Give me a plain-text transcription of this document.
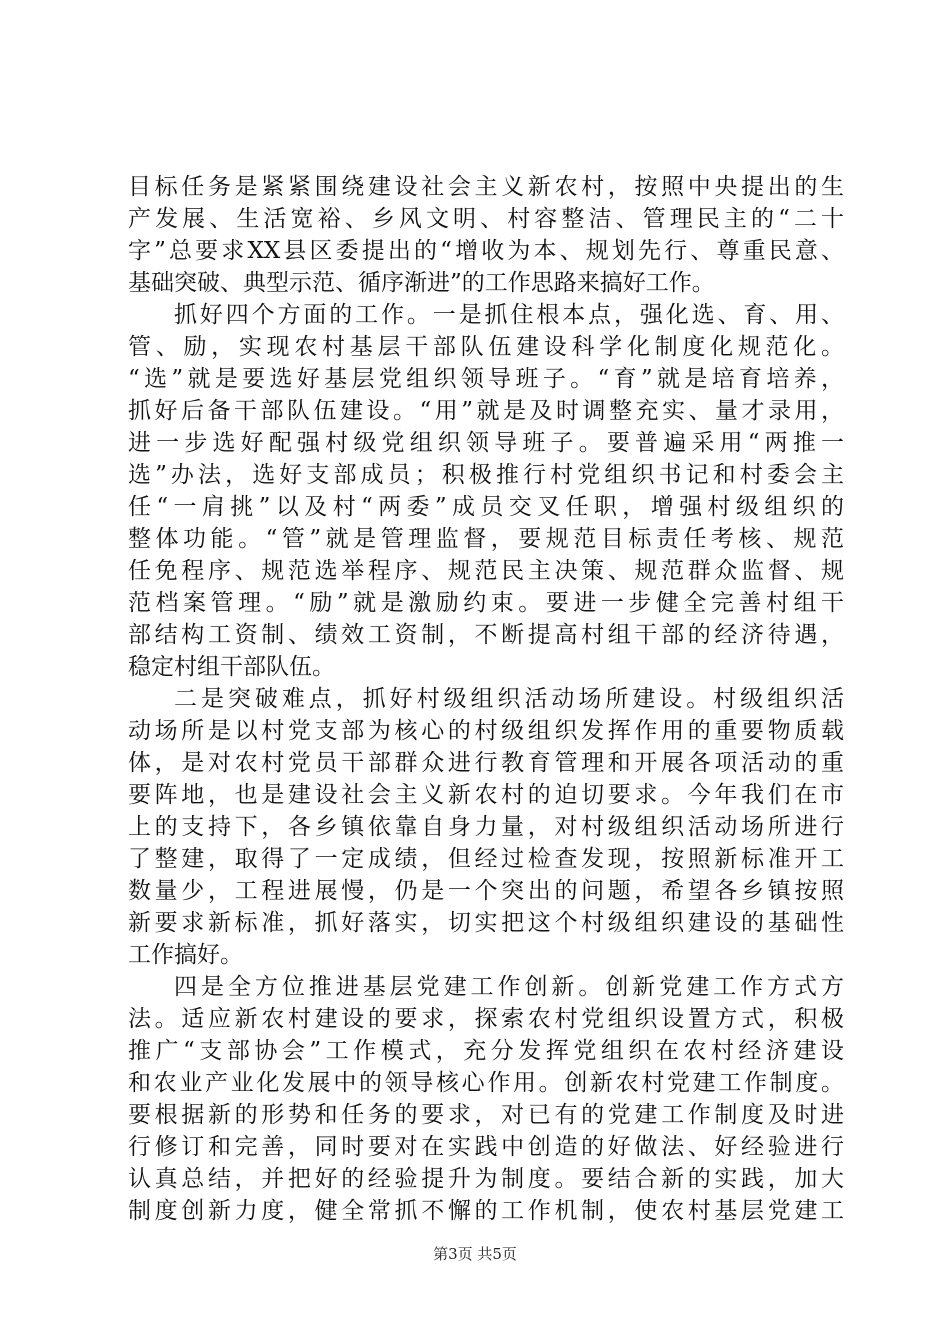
目标任务是紧紧围绕建设社会主义新农村，按照中央提出的生
产发展、生活宽裕、乡风文明、村容整洁、管理民主的“二十
字”总要求XX县区委提出的“增收为本、规划先行、尊重民意、
基础突破、典型示范、循序渐进”的工作思路来搞好工作。
抓好四个方面的工作。一是抓住根本点，强化选、育、用、
管、励，实现农村基层干部队伍建设科学化制度化规范化。
“选”就是要选好基层党组织领导班子。“育”就是培育培养，
抓好后备干部队伍建设。“用”就是及时调整充实、量才录用，
进一步选好配强村级党组织领导班子。要普遍采用“两推一
选”办法，选好支部成员；积极推行村党组织书记和村委会主
任“一肩挑”以及村“两委”成员交叉任职，增强村级组织的
整体功能。“管”就是管理监督，要规范目标责任考核、规范
任免程序、规范选举程序、规范民主决策、规范群众监督、规
范档案管理。“励”就是激励约束。要进一步健全完善村组干
部结构工资制、绩效工资制，不断提高村组干部的经济待遇，
稳定村组干部队伍。
二是突破难点，抓好村级组织活动场所建设。村级组织活
动场所是以村党支部为核心的村级组织发挥作用的重要物质载
体，是对农村党员干部群众进行教育管理和开展各项活动的重
要阵地，也是建设社会主义新农村的迫切要求。今年我们在市
上的支持下，各乡镇依靠自身力量，对村级组织活动场所进行
了整建，取得了一定成绩，但经过检查发现，按照新标准开工
数量少，工程进展慢，仍是一个突出的问题，希望各乡镇按照
新要求新标准，抓好落实，切实把这个村级组织建设的基础性
工作搞好。
四是全方位推进基层党建工作创新。创新党建工作方式方
法。适应新农村建设的要求，探索农村党组织设置方式，积极
推广“支部协会”工作模式，充分发挥党组织在农村经济建设
和农业产业化发展中的领导核心作用。创新农村党建工作制度。
要根据新的形势和任务的要求，对已有的党建工作制度及时进
行修订和完善，同时要对在实践中创造的好做法、好经验进行
认真总结，并把好的经验提升为制度。要结合新的实践，加大
制度创新力度，健全常抓不懈的工作机制，使农村基层党建工
第3页 共5页
